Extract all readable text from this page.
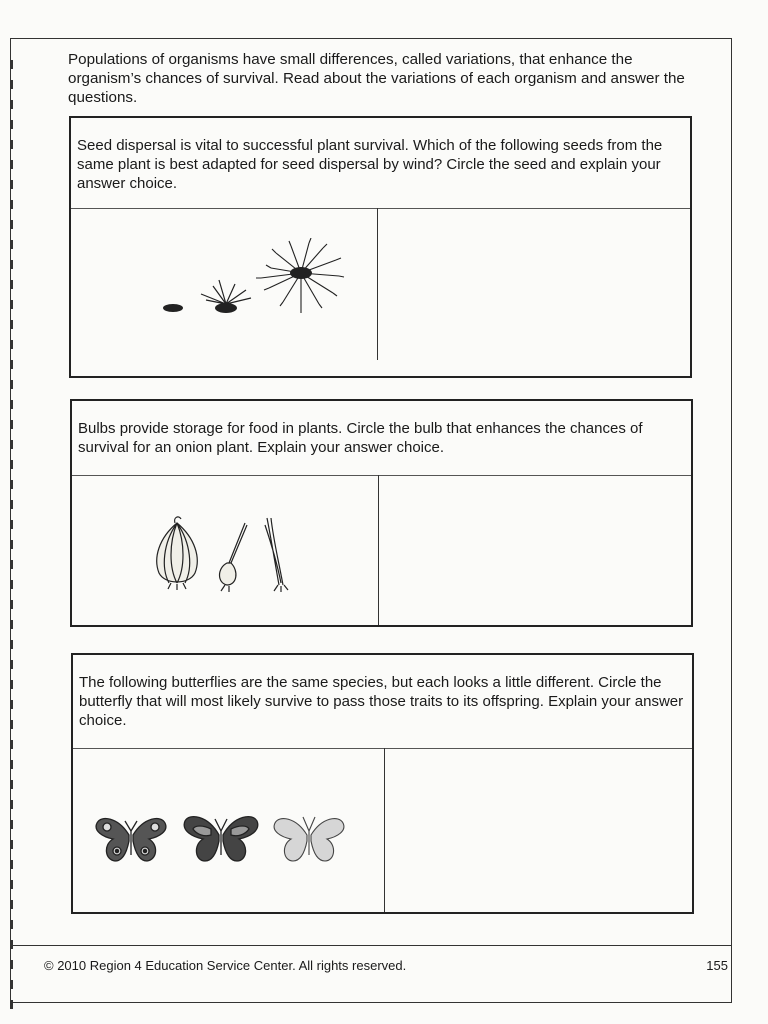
Populations of organisms have small differences, called variations, that enhance the organism’s chances of survival. Read about the variations of each organism and answer the questions.
Seed dispersal is vital to successful plant survival. Which of the following seeds from the same plant is best adapted for seed dispersal by wind? Circle the seed and explain your answer choice.
Bulbs provide storage for food in plants. Circle the bulb that enhances the chances of survival for an onion plant. Explain your answer choice.
The following butterflies are the same species, but each looks a little different. Circle the butterfly that will most likely survive to pass those traits to its offspring. Explain your answer choice.
© 2010 Region 4 Education Service Center. All rights reserved.	155
